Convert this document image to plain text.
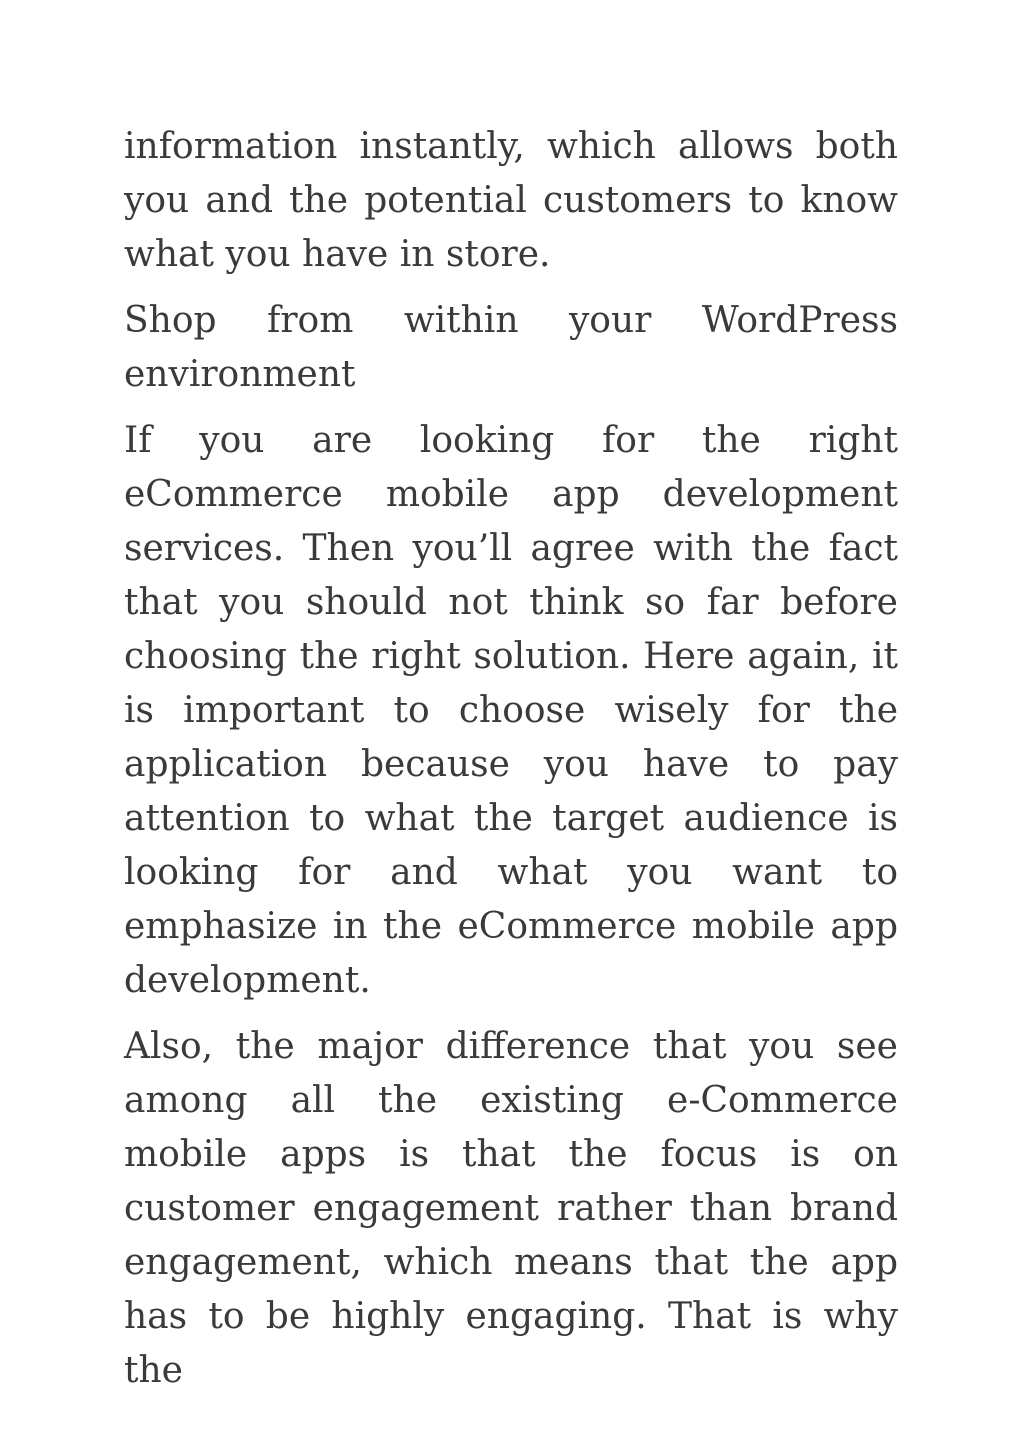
information instantly, which allows both you and the potential customers to know what you have in store.

Shop from within your WordPress environment

If you are looking for the right eCommerce mobile app development services. Then you’ll agree with the fact that you should not think so far before choosing the right solution. Here again, it is important to choose wisely for the application because you have to pay attention to what the target audience is looking for and what you want to emphasize in the eCommerce mobile app development.

Also, the major difference that you see among all the existing e-Commerce mobile apps is that the focus is on customer engagement rather than brand engagement, which means that the app has to be highly engaging. That is why the
